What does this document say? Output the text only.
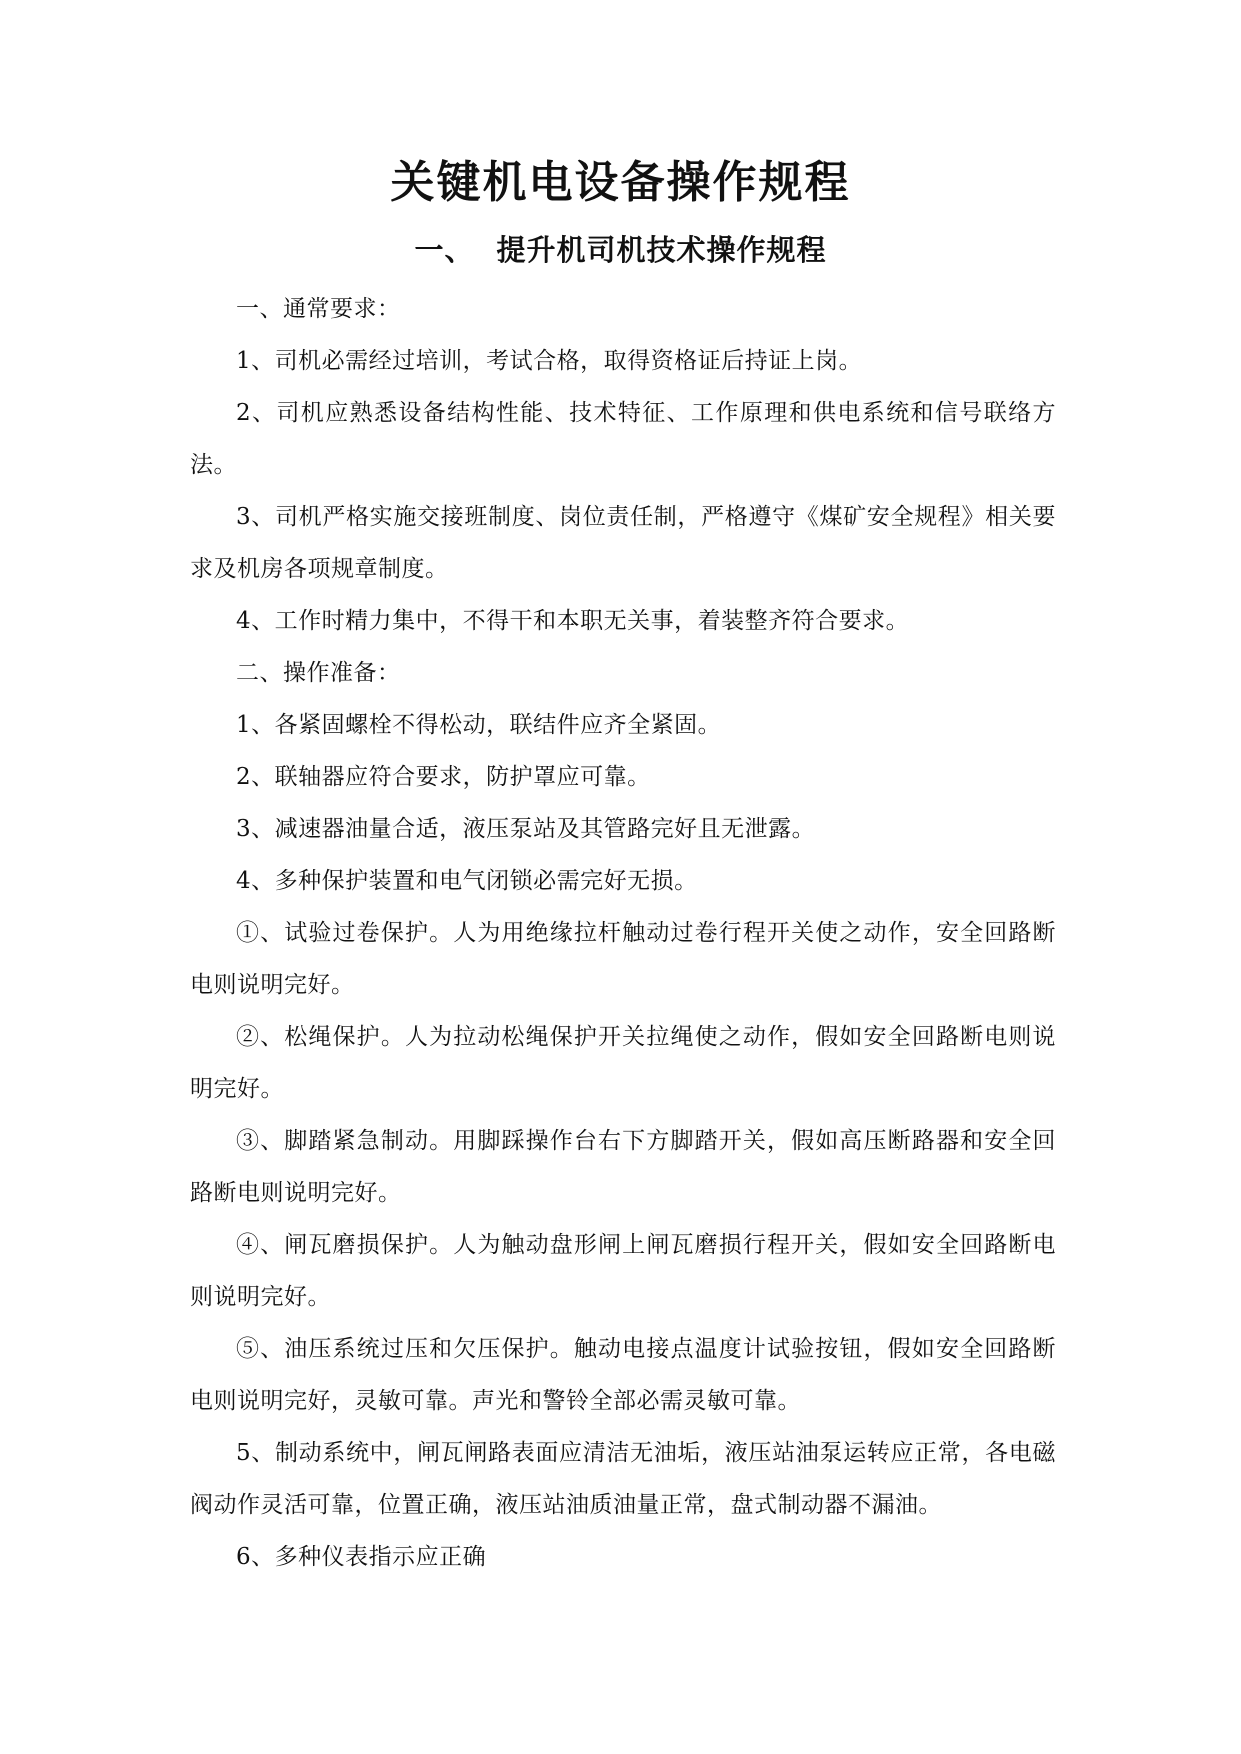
关键机电设备操作规程
一、 提升机司机技术操作规程

一、通常要求：

1、司机必需经过培训，考试合格，取得资格证后持证上岗。

2、司机应熟悉设备结构性能、技术特征、工作原理和供电系统和信号联络方法。

3、司机严格实施交接班制度、岗位责任制，严格遵守《煤矿安全规程》相关要求及机房各项规章制度。

4、工作时精力集中，不得干和本职无关事，着装整齐符合要求。

二、操作准备：

1、各紧固螺栓不得松动，联结件应齐全紧固。

2、联轴器应符合要求，防护罩应可靠。

3、减速器油量合适，液压泵站及其管路完好且无泄露。

4、多种保护装置和电气闭锁必需完好无损。

①、试验过卷保护。人为用绝缘拉杆触动过卷行程开关使之动作，安全回路断电则说明完好。

②、松绳保护。人为拉动松绳保护开关拉绳使之动作，假如安全回路断电则说明完好。

③、脚踏紧急制动。用脚踩操作台右下方脚踏开关，假如高压断路器和安全回路断电则说明完好。

④、闸瓦磨损保护。人为触动盘形闸上闸瓦磨损行程开关，假如安全回路断电则说明完好。

⑤、油压系统过压和欠压保护。触动电接点温度计试验按钮，假如安全回路断电则说明完好，灵敏可靠。声光和警铃全部必需灵敏可靠。

5、制动系统中，闸瓦闸路表面应清洁无油垢，液压站油泵运转应正常，各电磁阀动作灵活可靠，位置正确，液压站油质油量正常，盘式制动器不漏油。

6、多种仪表指示应正确
